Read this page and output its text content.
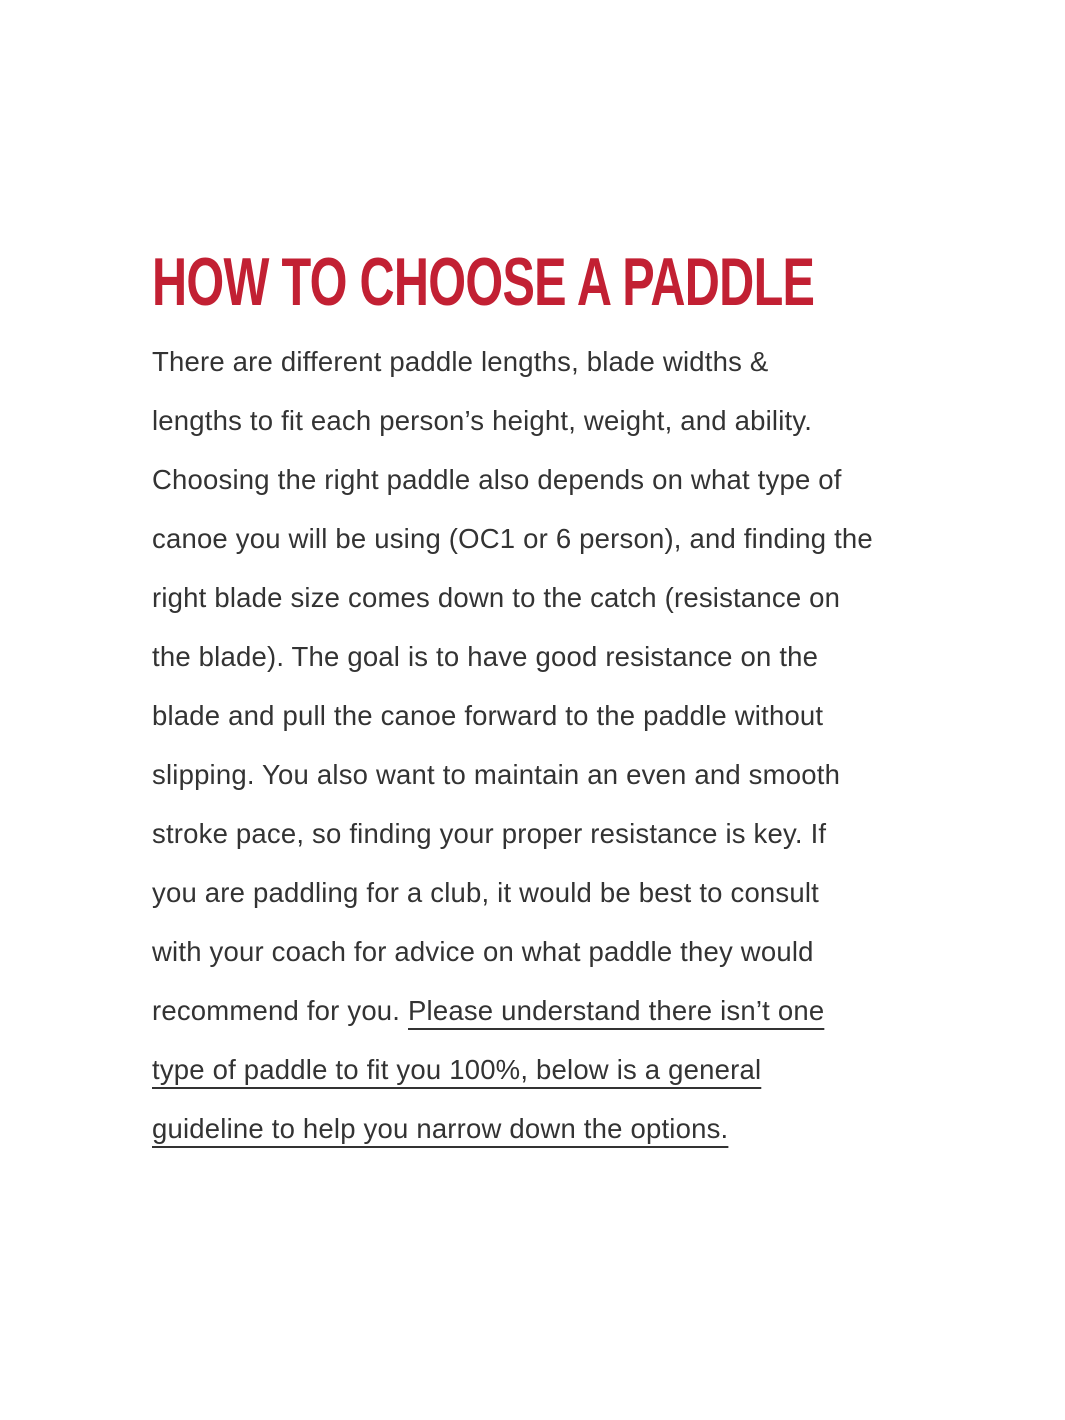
HOW TO CHOOSE A PADDLE
There are different paddle lengths, blade widths &
lengths to fit each person’s height, weight, and ability.
Choosing the right paddle also depends on what type of
canoe you will be using (OC1 or 6 person), and finding the
right blade size comes down to the catch (resistance on
the blade). The goal is to have good resistance on the
blade and pull the canoe forward to the paddle without
slipping. You also want to maintain an even and smooth
stroke pace, so finding your proper resistance is key. If
you are paddling for a club, it would be best to consult
with your coach for advice on what paddle they would
recommend for you. Please understand there isn’t one
type of paddle to fit you 100%, below is a general
guideline to help you narrow down the options.
